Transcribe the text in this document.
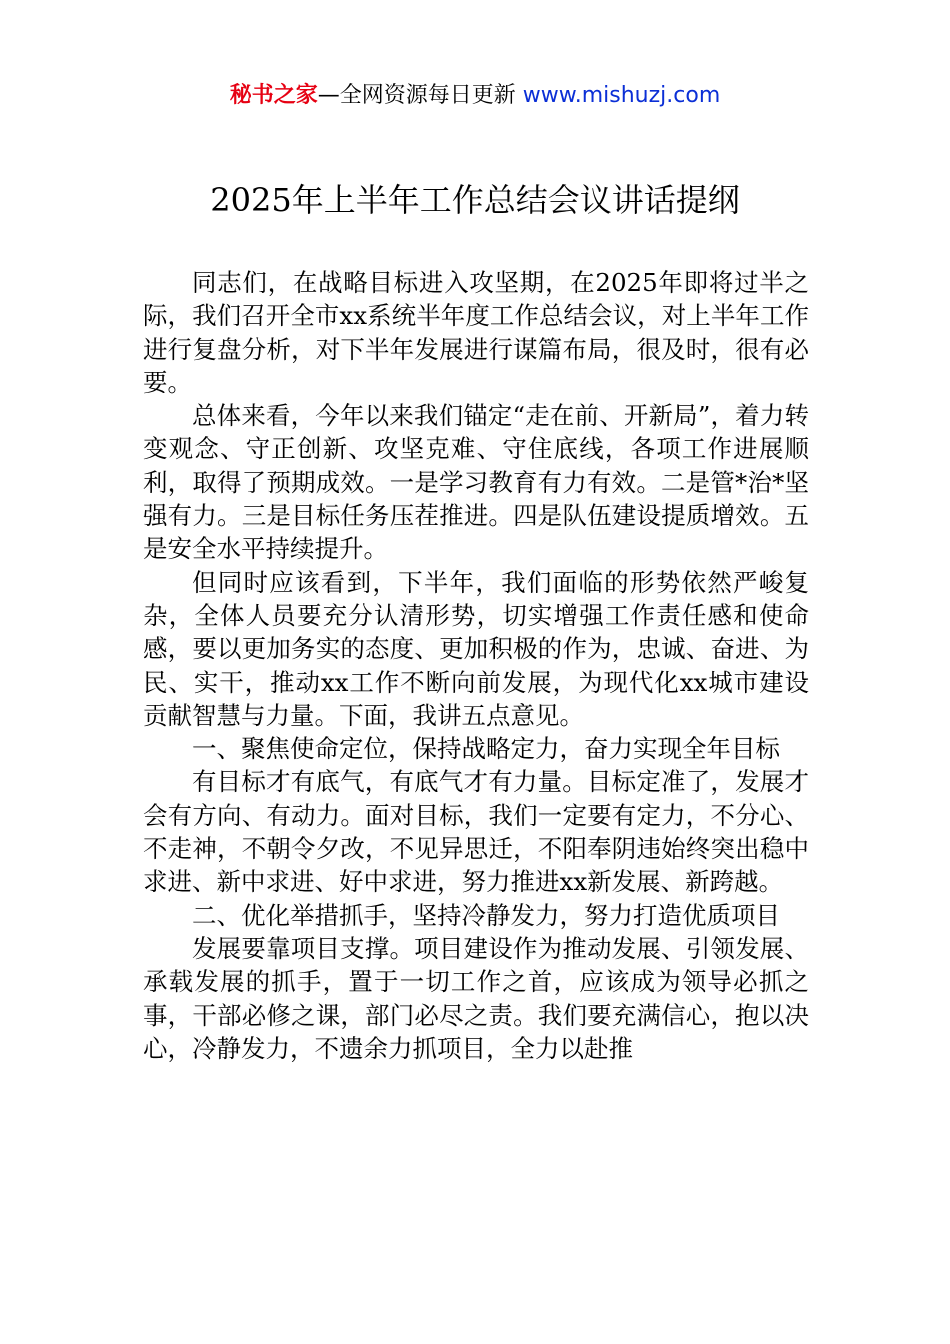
秘书之家—全网资源每日更新 www.mishuzj.com
2025年上半年工作总结会议讲话提纲

同志们，在战略目标进入攻坚期，在2025年即将过半之际，我们召开全市xx系统半年度工作总结会议，对上半年工作进行复盘分析，对下半年发展进行谋篇布局，很及时，很有必要。

总体来看，今年以来我们锚定“走在前、开新局”，着力转变观念、守正创新、攻坚克难、守住底线，各项工作进展顺利，取得了预期成效。一是学习教育有力有效。二是管*治*坚强有力。三是目标任务压茬推进。四是队伍建设提质增效。五是安全水平持续提升。

但同时应该看到，下半年，我们面临的形势依然严峻复杂，全体人员要充分认清形势，切实增强工作责任感和使命感，要以更加务实的态度、更加积极的作为，忠诚、奋进、为民、实干，推动xx工作不断向前发展，为现代化xx城市建设贡献智慧与力量。下面，我讲五点意见。

一、聚焦使命定位，保持战略定力，奋力实现全年目标

有目标才有底气，有底气才有力量。目标定准了，发展才会有方向、有动力。面对目标，我们一定要有定力，不分心、不走神，不朝令夕改，不见异思迁，不阳奉阴违始终突出稳中求进、新中求进、好中求进，努力推进xx新发展、新跨越。

二、优化举措抓手，坚持冷静发力，努力打造优质项目

发展要靠项目支撑。项目建设作为推动发展、引领发展、承载发展的抓手，置于一切工作之首，应该成为领导必抓之事，干部必修之课，部门必尽之责。我们要充满信心，抱以决心，冷静发力，不遗余力抓项目，全力以赴推
